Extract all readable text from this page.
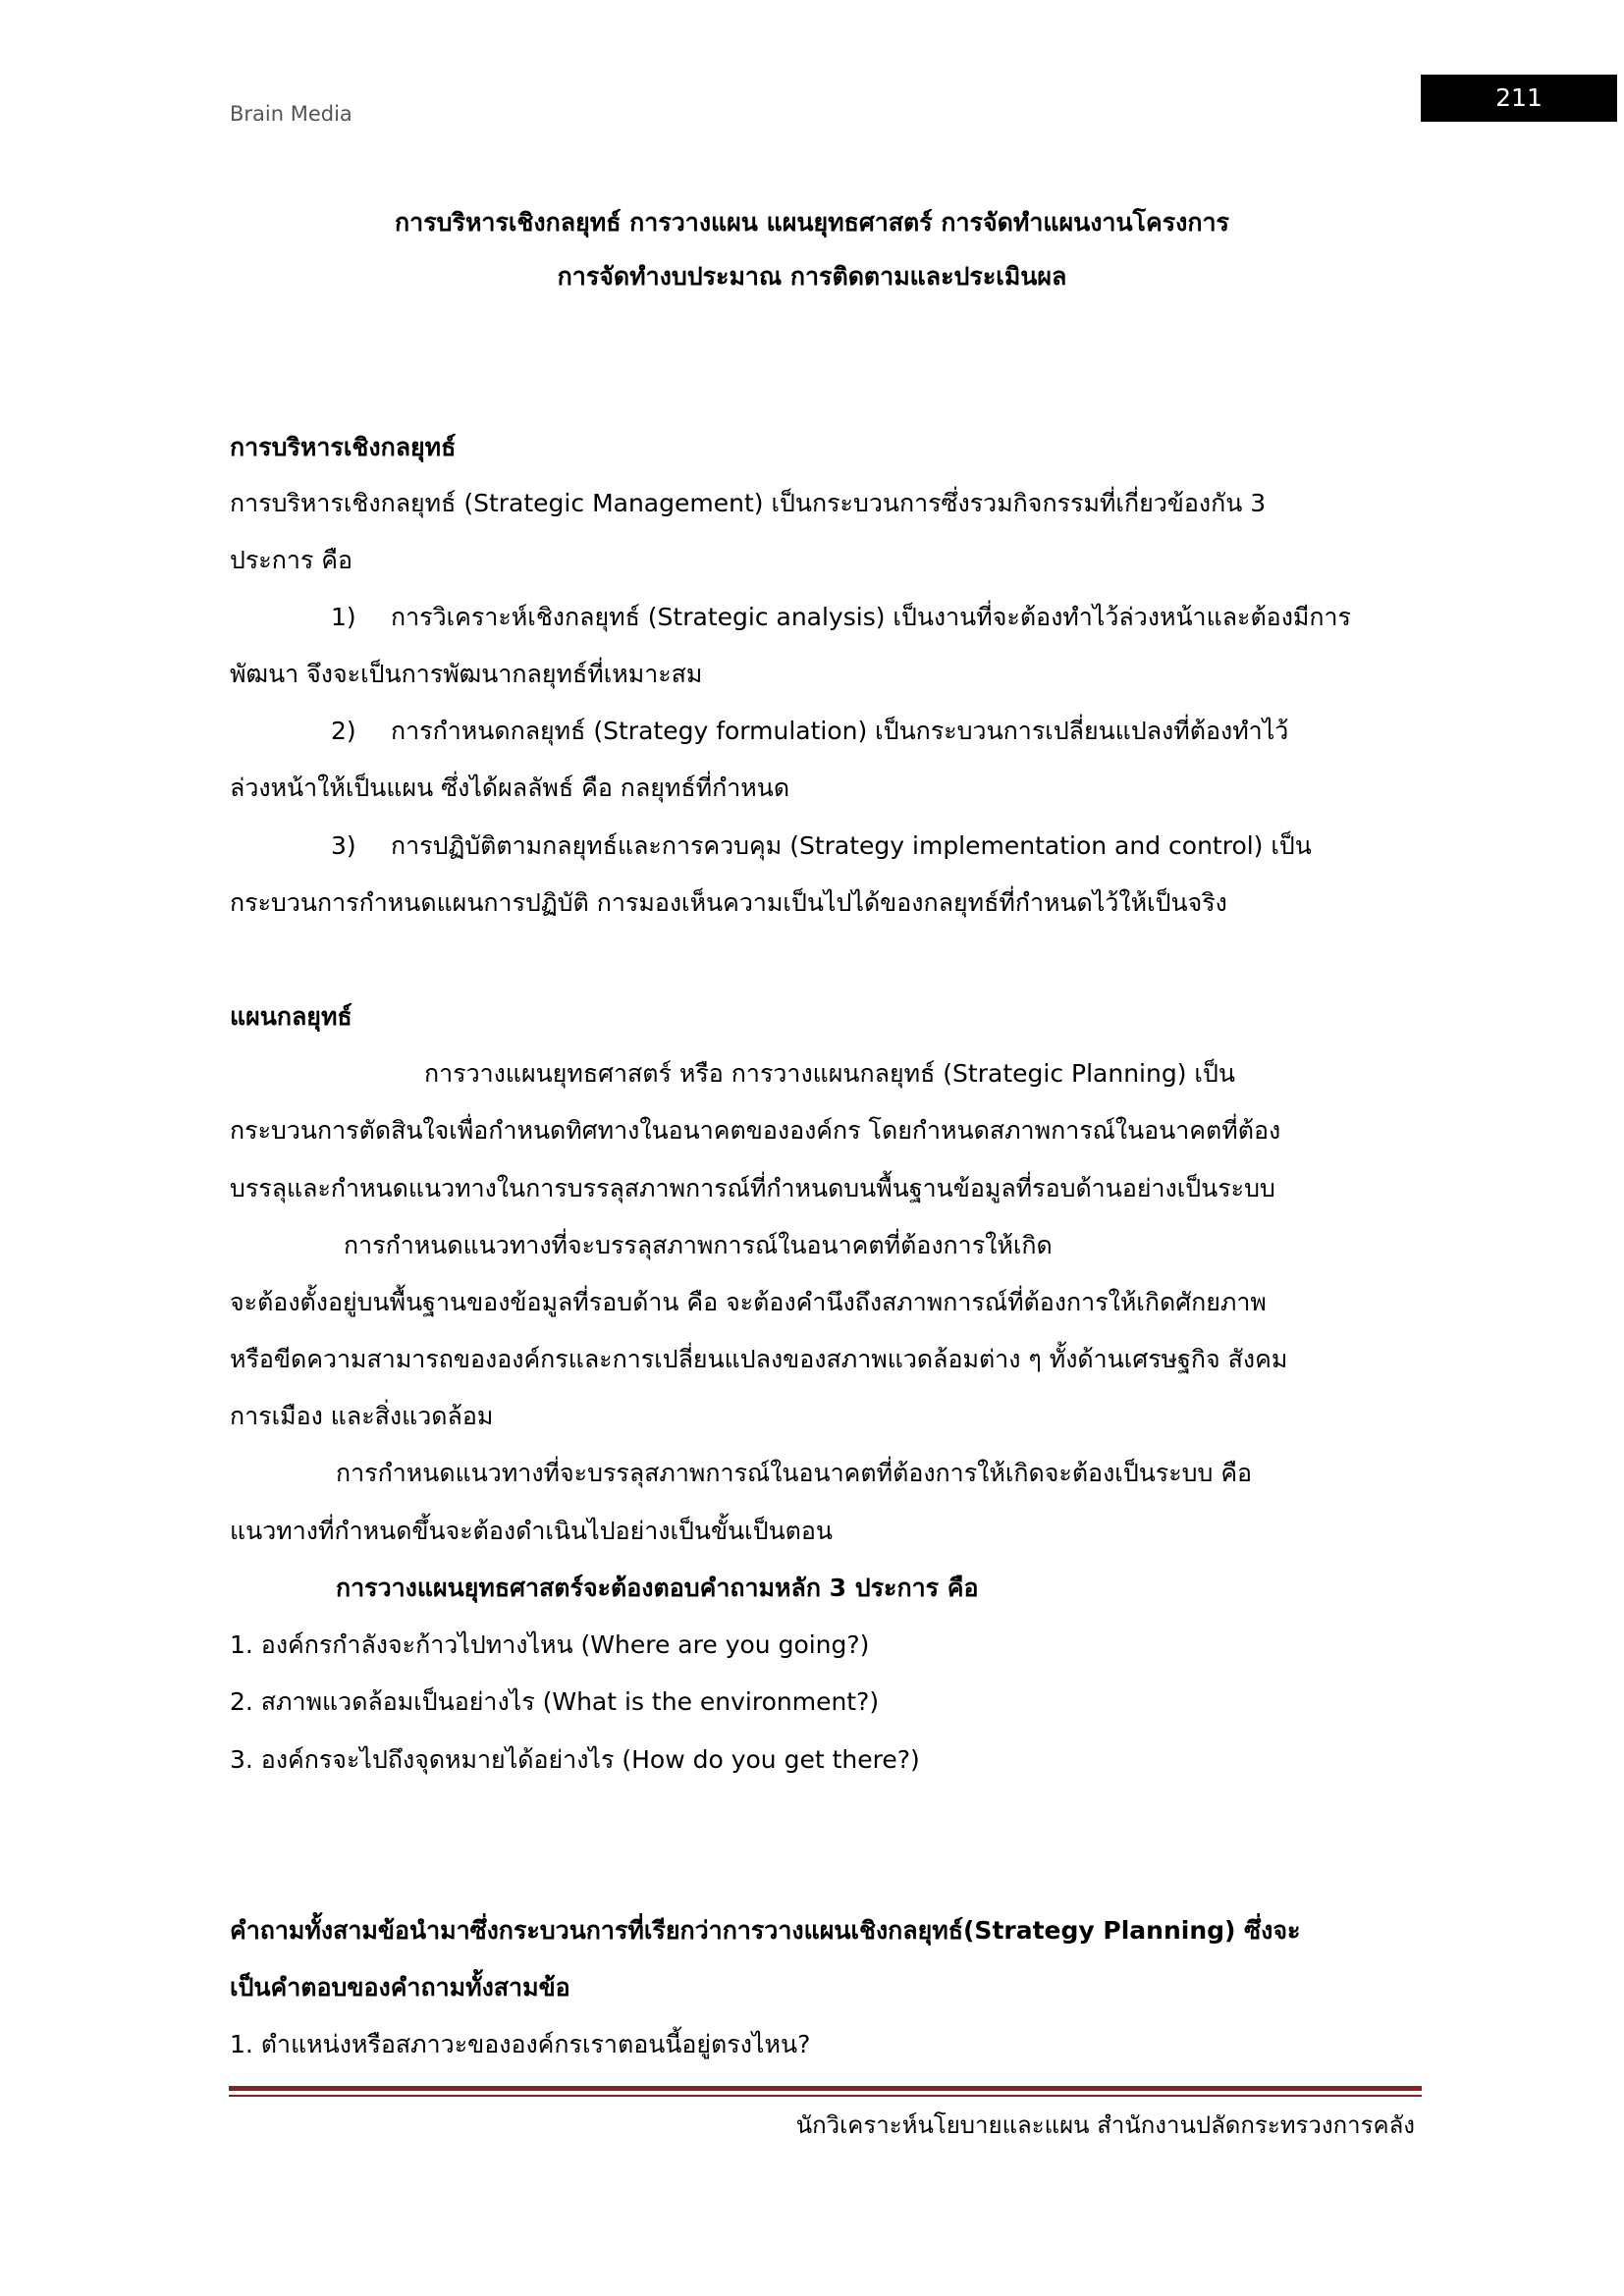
Brain Media
211
การบริหารเชิงกลยุทธ์ การวางแผน แผนยุทธศาสตร์ การจัดทำแผนงานโครงการ
การจัดทำงบประมาณ การติดตามและประเมินผล
การบริหารเชิงกลยุทธ์
การบริหารเชิงกลยุทธ์ (Strategic Management) เป็นกระบวนการซึ่งรวมกิจกรรมที่เกี่ยวข้องกัน 3
ประการ คือ
1) การวิเคราะห์เชิงกลยุทธ์ (Strategic analysis) เป็นงานที่จะต้องทำไว้ล่วงหน้าและต้องมีการ
พัฒนา จึงจะเป็นการพัฒนากลยุทธ์ที่เหมาะสม
2) การกำหนดกลยุทธ์ (Strategy formulation) เป็นกระบวนการเปลี่ยนแปลงที่ต้องทำไว้
ล่วงหน้าให้เป็นแผน ซึ่งได้ผลลัพธ์ คือ กลยุทธ์ที่กำหนด
3) การปฏิบัติตามกลยุทธ์และการควบคุม (Strategy implementation and control) เป็น
กระบวนการกำหนดแผนการปฏิบัติ การมองเห็นความเป็นไปได้ของกลยุทธ์ที่กำหนดไว้ให้เป็นจริง
แผนกลยุทธ์
การวางแผนยุทธศาสตร์ หรือ การวางแผนกลยุทธ์ (Strategic Planning) เป็น
กระบวนการตัดสินใจเพื่อกำหนดทิศทางในอนาคตขององค์กร โดยกำหนดสภาพการณ์ในอนาคตที่ต้อง
บรรลุและกำหนดแนวทางในการบรรลุสภาพการณ์ที่กำหนดบนพื้นฐานข้อมูลที่รอบด้านอย่างเป็นระบบ
การกำหนดแนวทางที่จะบรรลุสภาพการณ์ในอนาคตที่ต้องการให้เกิด
จะต้องตั้งอยู่บนพื้นฐานของข้อมูลที่รอบด้าน คือ จะต้องคำนึงถึงสภาพการณ์ที่ต้องการให้เกิดศักยภาพ
หรือขีดความสามารถขององค์กรและการเปลี่ยนแปลงของสภาพแวดล้อมต่าง ๆ ทั้งด้านเศรษฐกิจ สังคม
การเมือง และสิ่งแวดล้อม
การกำหนดแนวทางที่จะบรรลุสภาพการณ์ในอนาคตที่ต้องการให้เกิดจะต้องเป็นระบบ คือ
แนวทางที่กำหนดขึ้นจะต้องดำเนินไปอย่างเป็นขั้นเป็นตอน
การวางแผนยุทธศาสตร์จะต้องตอบคำถามหลัก 3 ประการ คือ
1. องค์กรกำลังจะก้าวไปทางไหน (Where are you going?)
2. สภาพแวดล้อมเป็นอย่างไร (What is the environment?)
3. องค์กรจะไปถึงจุดหมายได้อย่างไร (How do you get there?)
คำถามทั้งสามข้อนำมาซึ่งกระบวนการที่เรียกว่าการวางแผนเชิงกลยุทธ์(Strategy Planning) ซึ่งจะ
เป็นคำตอบของคำถามทั้งสามข้อ
1. ตำแหน่งหรือสภาวะขององค์กรเราตอนนี้อยู่ตรงไหน?
นักวิเคราะห์นโยบายและแผน สำนักงานปลัดกระทรวงการคลัง
